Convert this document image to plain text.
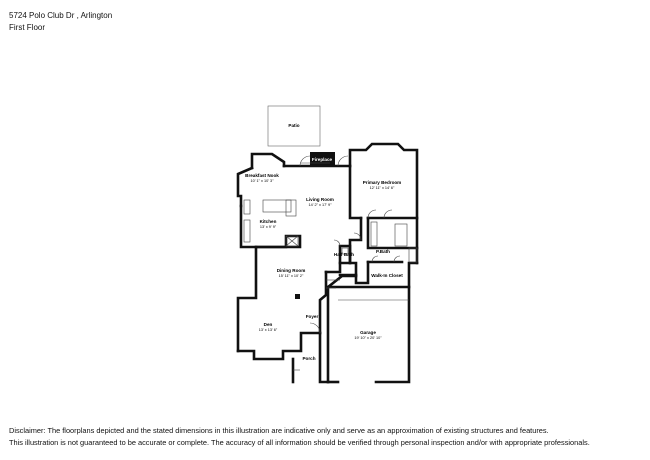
5724 Polo Club Dr , Arlington
First Floor
Patio
Fireplace
Breakfast Nook
10' 1" x 10' 3"
Living Room
14' 2" x 17' 9"
Primary Bedroom
12' 11" x 14' 6"
Kitchen
13' x 9' 9"
Half Bath
P.Bath
Walk-In Closet
Dining Room
15' 11" x 10' 2"
Foyer
Den
13' x 13' 6"	Garage
19' 10" x 20' 10"
Porch
Disclaimer: The floorplans depicted and the stated dimensions in this illustration are indicative only and serve as an approximation of existing structures and features.
This illustration is not guaranteed to be accurate or complete. The accuracy of all information should be verified through personal inspection and/or with appropriate professionals.
